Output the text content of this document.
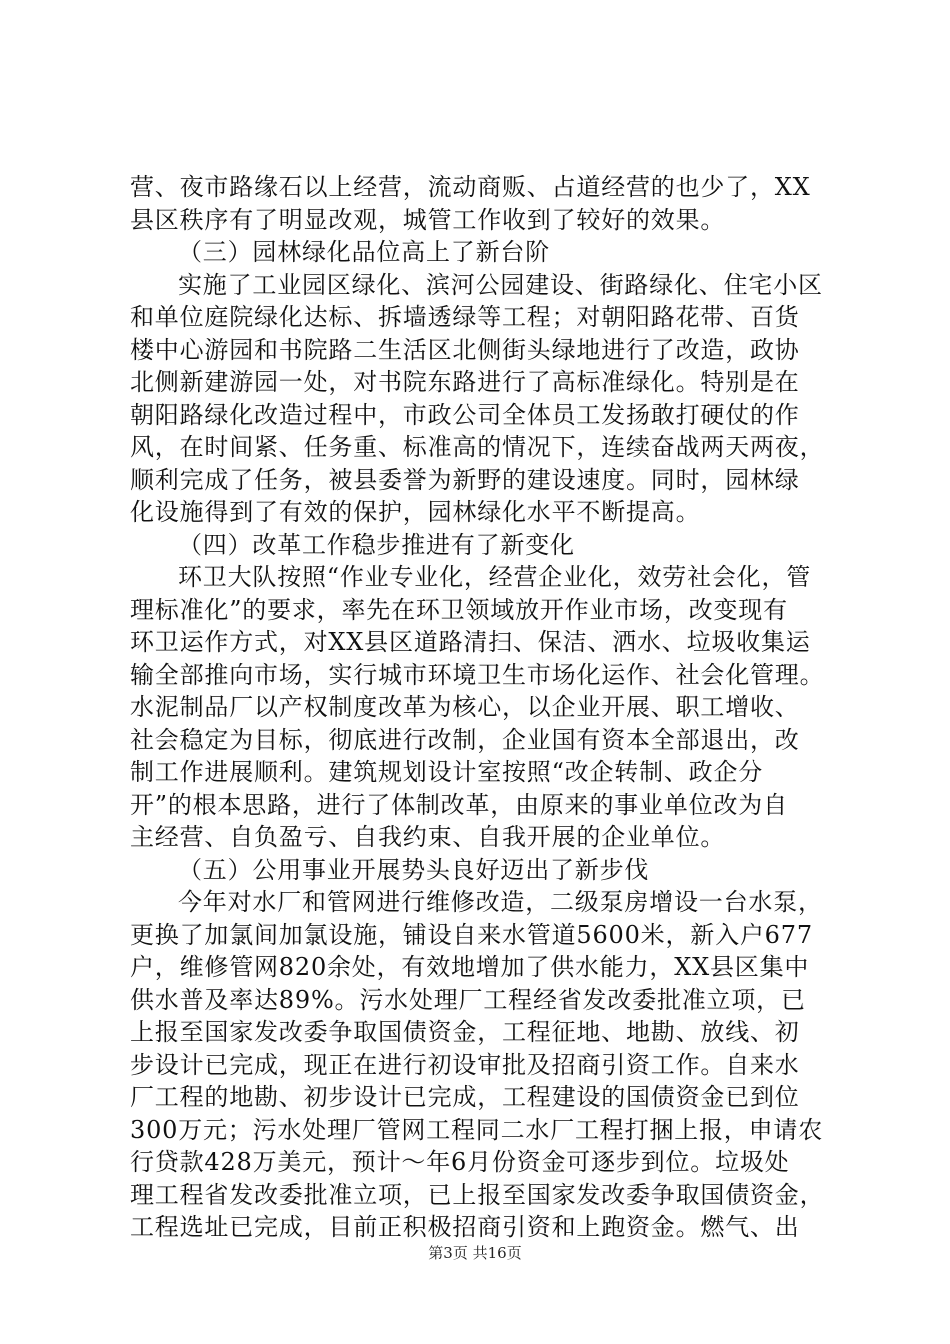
营、夜市路缘石以上经营，流动商贩、占道经营的也少了，XX
县区秩序有了明显改观，城管工作收到了较好的效果。
（三）园林绿化品位高上了新台阶
实施了工业园区绿化、滨河公园建设、街路绿化、住宅小区
和单位庭院绿化达标、拆墙透绿等工程；对朝阳路花带、百货
楼中心游园和书院路二生活区北侧街头绿地进行了改造，政协
北侧新建游园一处，对书院东路进行了高标准绿化。特别是在
朝阳路绿化改造过程中，市政公司全体员工发扬敢打硬仗的作
风，在时间紧、任务重、标准高的情况下，连续奋战两天两夜，
顺利完成了任务，被县委誉为新野的建设速度。同时，园林绿
化设施得到了有效的保护，园林绿化水平不断提高。
（四）改革工作稳步推进有了新变化
环卫大队按照“作业专业化，经营企业化，效劳社会化，管
理标准化”的要求，率先在环卫领域放开作业市场，改变现有
环卫运作方式，对XX县区道路清扫、保洁、洒水、垃圾收集运
输全部推向市场，实行城市环境卫生市场化运作、社会化管理。
水泥制品厂以产权制度改革为核心，以企业开展、职工增收、
社会稳定为目标，彻底进行改制，企业国有资本全部退出，改
制工作进展顺利。建筑规划设计室按照“改企转制、政企分
开”的根本思路，进行了体制改革，由原来的事业单位改为自
主经营、自负盈亏、自我约束、自我开展的企业单位。
（五）公用事业开展势头良好迈出了新步伐
今年对水厂和管网进行维修改造，二级泵房增设一台水泵，
更换了加氯间加氯设施，铺设自来水管道5600米，新入户677
户，维修管网820余处，有效地增加了供水能力，XX县区集中
供水普及率达89%。污水处理厂工程经省发改委批准立项，已
上报至国家发改委争取国债资金，工程征地、地勘、放线、初
步设计已完成，现正在进行初设审批及招商引资工作。自来水
厂工程的地勘、初步设计已完成，工程建设的国债资金已到位
300万元；污水处理厂管网工程同二水厂工程打捆上报，申请农
行贷款428万美元，预计～年6月份资金可逐步到位。垃圾处
理工程省发改委批准立项，已上报至国家发改委争取国债资金，
工程选址已完成，目前正积极招商引资和上跑资金。燃气、出
第3页 共16页
